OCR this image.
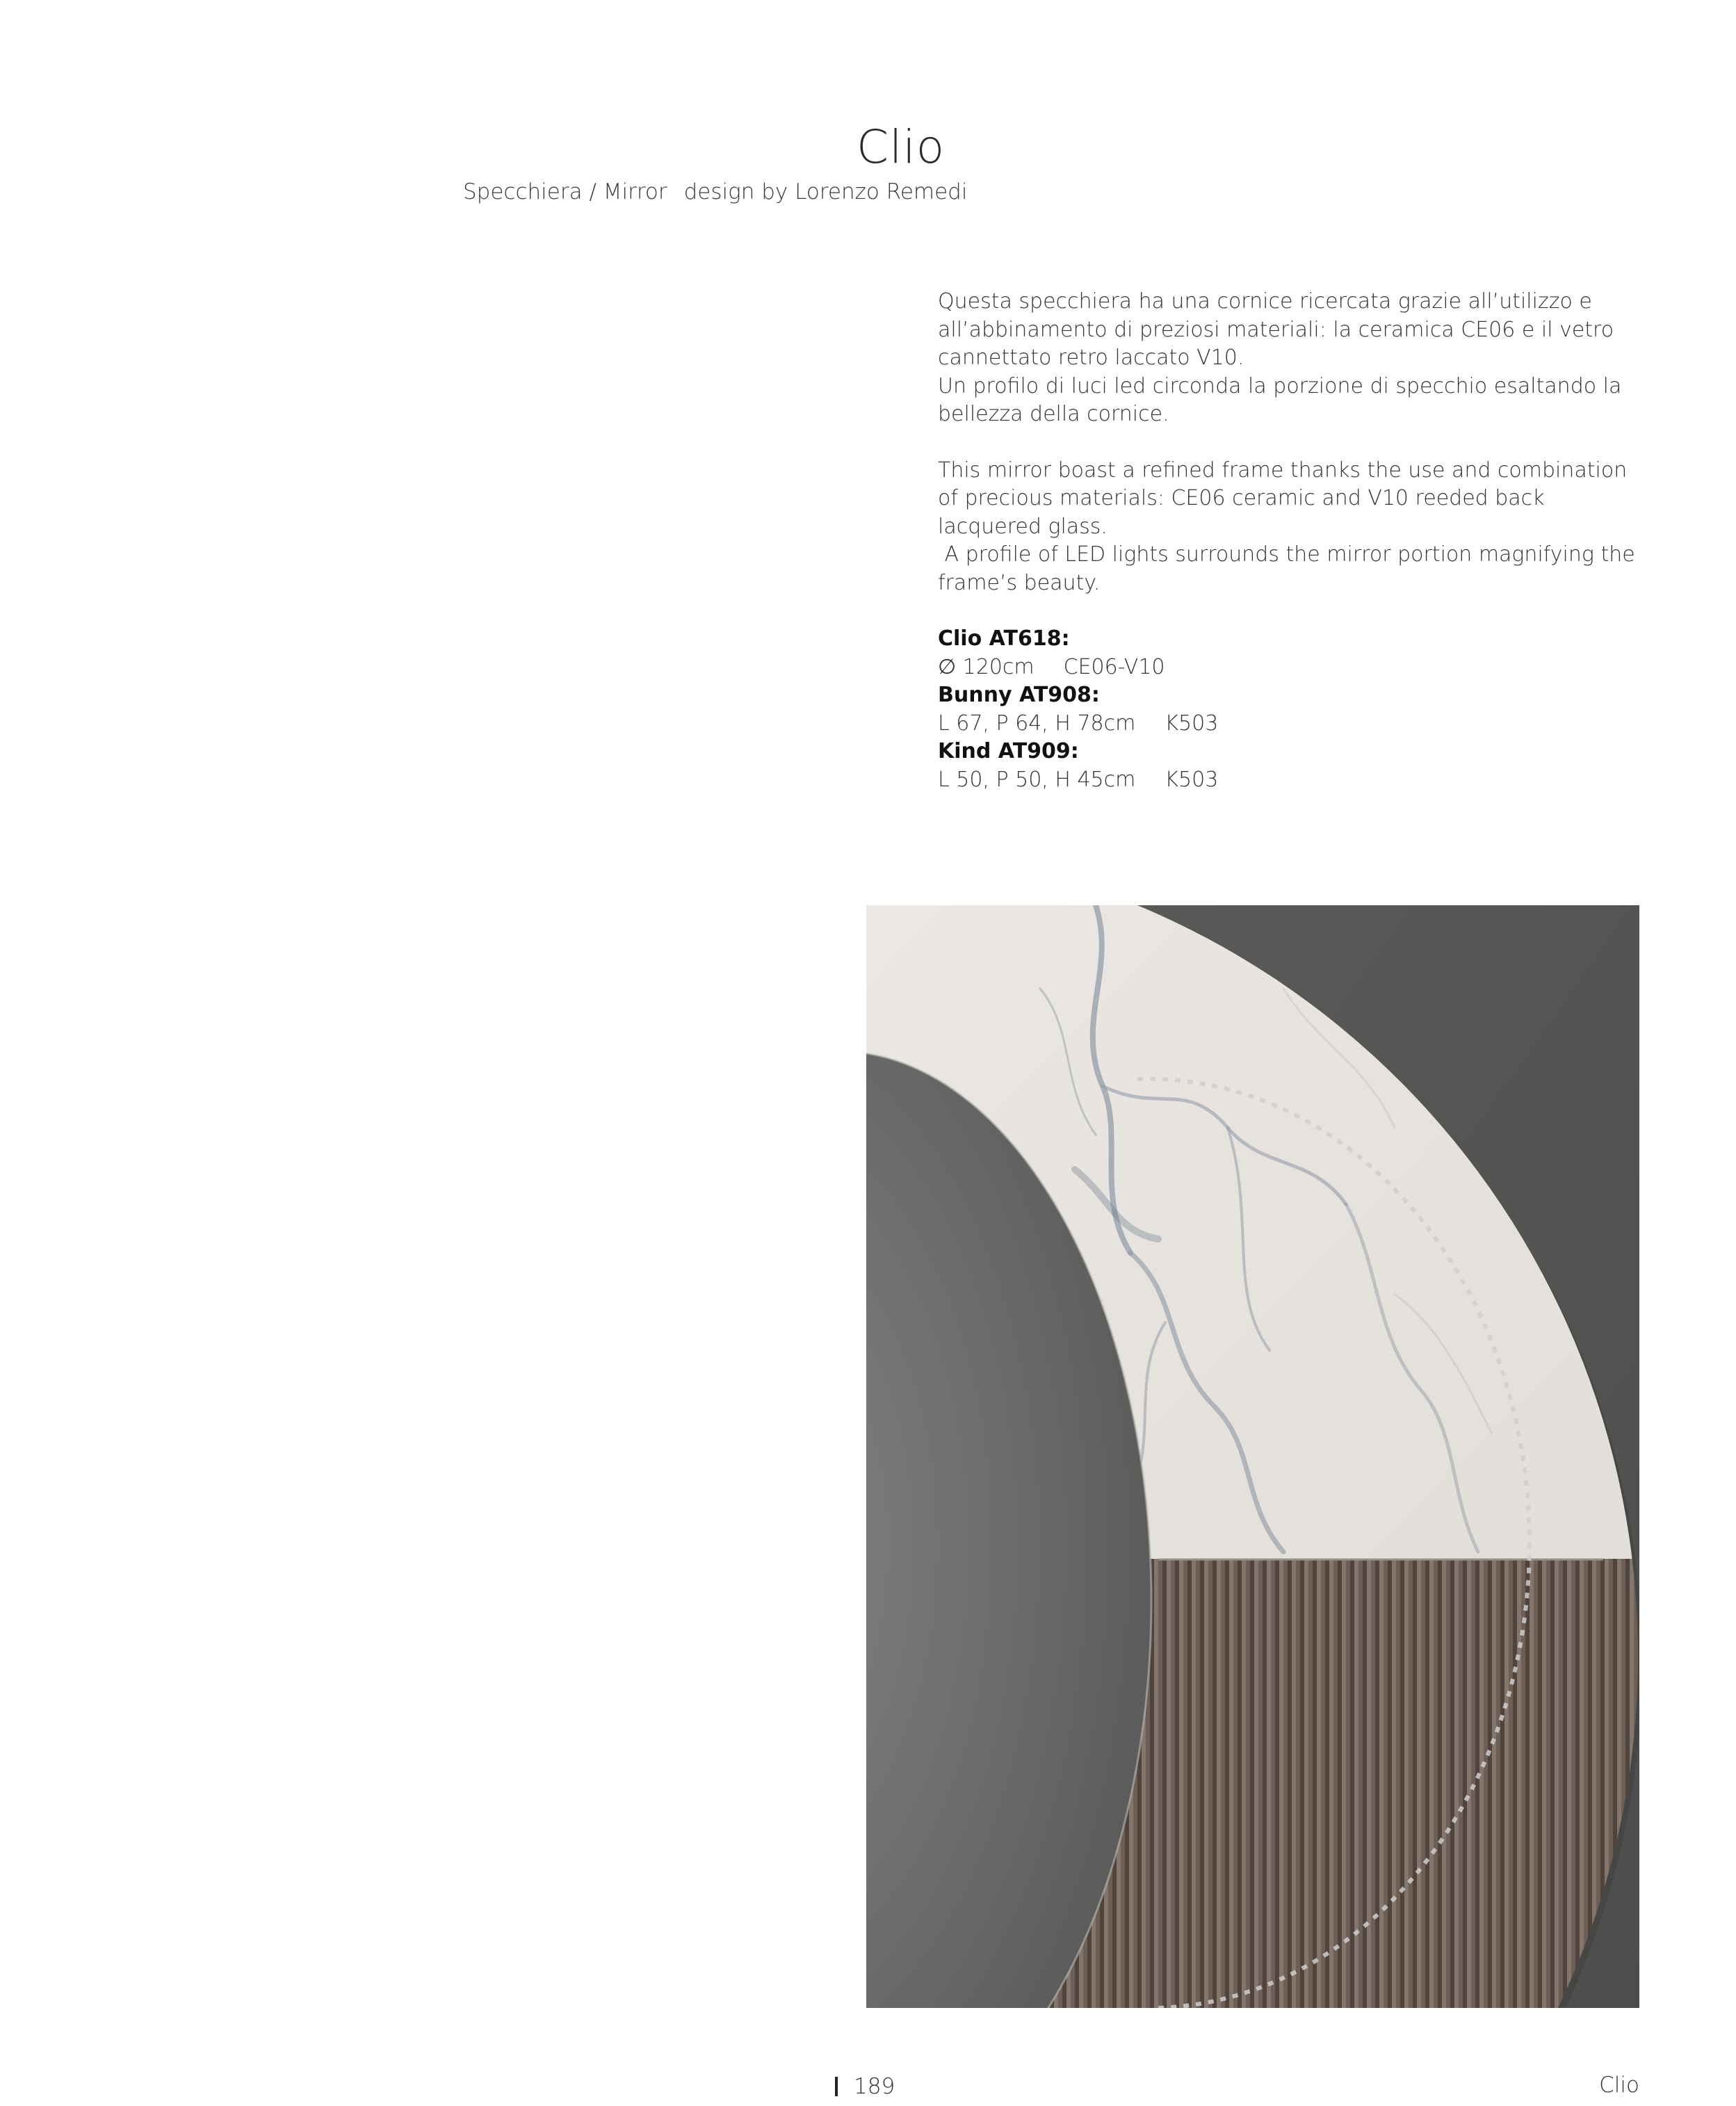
Clio
Specchiera / Mirror design by Lorenzo Remedi

Questa specchiera ha una cornice ricercata grazie all’utilizzo e all’abbinamento di preziosi materiali: la ceramica CE06 e il vetro cannettato retro laccato V10.

Un profilo di luci led circonda la porzione di specchio esaltando la bellezza della cornice.

This mirror boast a refined frame thanks the use and combination of precious materials: CE06 ceramic and V10 reeded back lacquered glass.

A profile of LED lights surrounds the mirror portion magnifying the frame’s beauty.

Clio AT618:

∅ 120cm CE06-V10

Bunny AT908:

L 67, P 64, H 78cm K503

Kind AT909:

L 50, P 50, H 45cm K503

189	Clio
